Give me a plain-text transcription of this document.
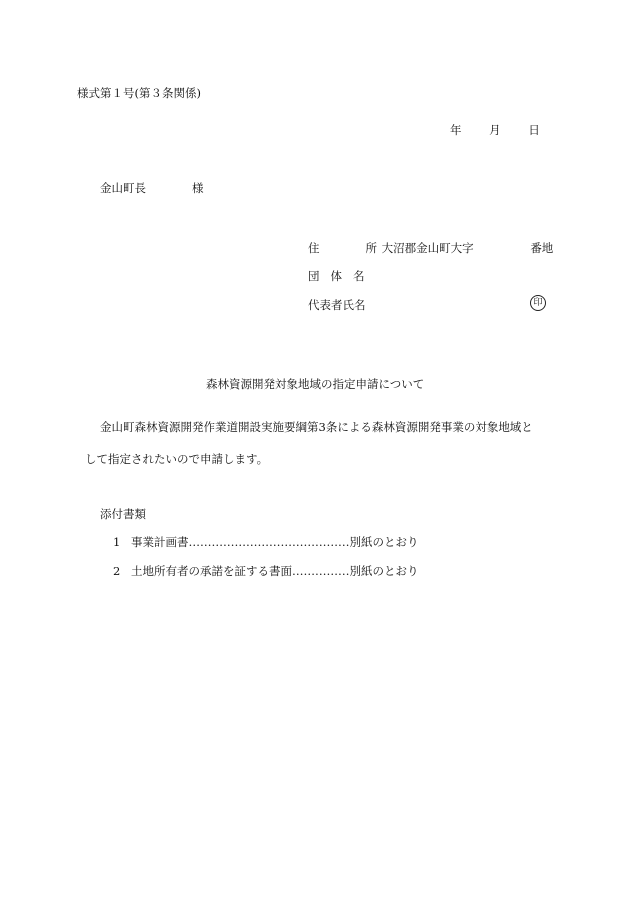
様式第１号(第３条関係)
年 月 日
金山町長	様
住	所 大沼郡金山町大字	番地
団 体 名
代表者氏名	印
森林資源開発対象地域の指定申請について
金山町森林資源開発作業道開設実施要綱第3条による森林資源開発事業の対象地域と
して指定されたいので申請します。
添付書類
1 事業計画書……………………………………別紙のとおり
2 土地所有者の承諾を証する書面……………別紙のとおり
